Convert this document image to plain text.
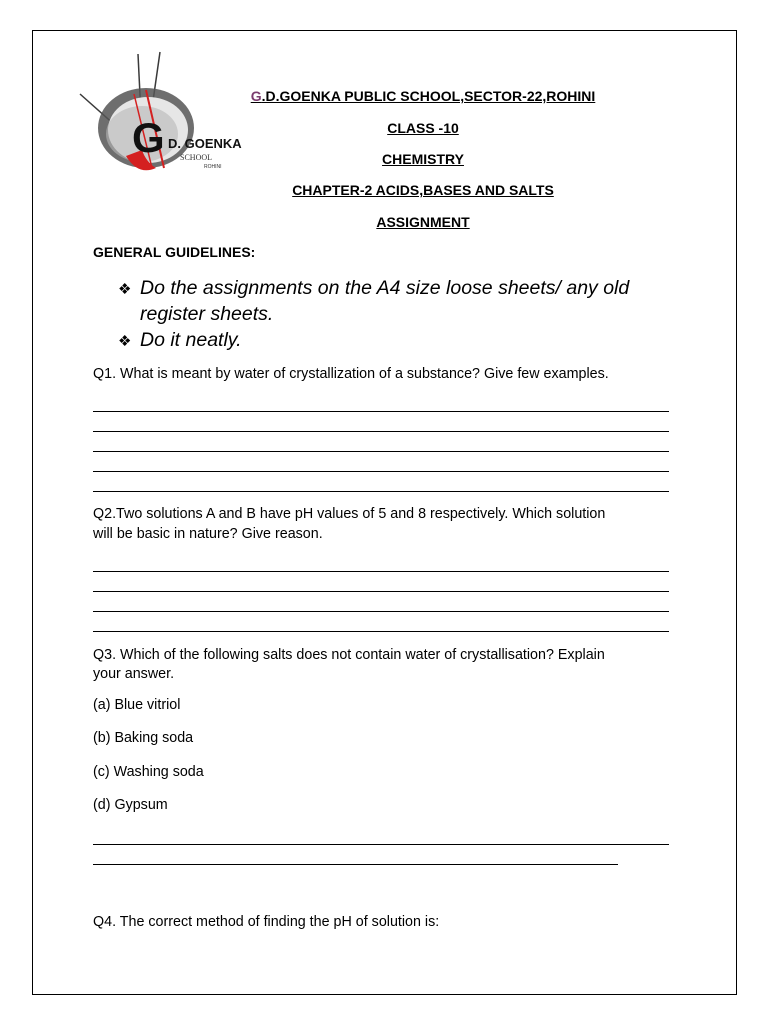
G D. GOENKA
SCHOOL
ROHINI
G.D.GOENKA PUBLIC SCHOOL,SECTOR-22,ROHINI
CLASS -10
CHEMISTRY
CHAPTER-2 ACIDS,BASES AND SALTS
ASSIGNMENT
GENERAL GUIDELINES:
❖ Do the assignments on the A4 size loose sheets/ any old
register sheets.
❖ Do it neatly.
Q1. What is meant by water of crystallization of a substance? Give few examples.
Q2.Two solutions A and B have pH values of 5 and 8 respectively. Which solution
will be basic in nature? Give reason.
Q3. Which of the following salts does not contain water of crystallisation? Explain
your answer.
(a) Blue vitriol
(b) Baking soda
(c) Washing soda
(d) Gypsum
Q4. The correct method of finding the pH of solution is:
